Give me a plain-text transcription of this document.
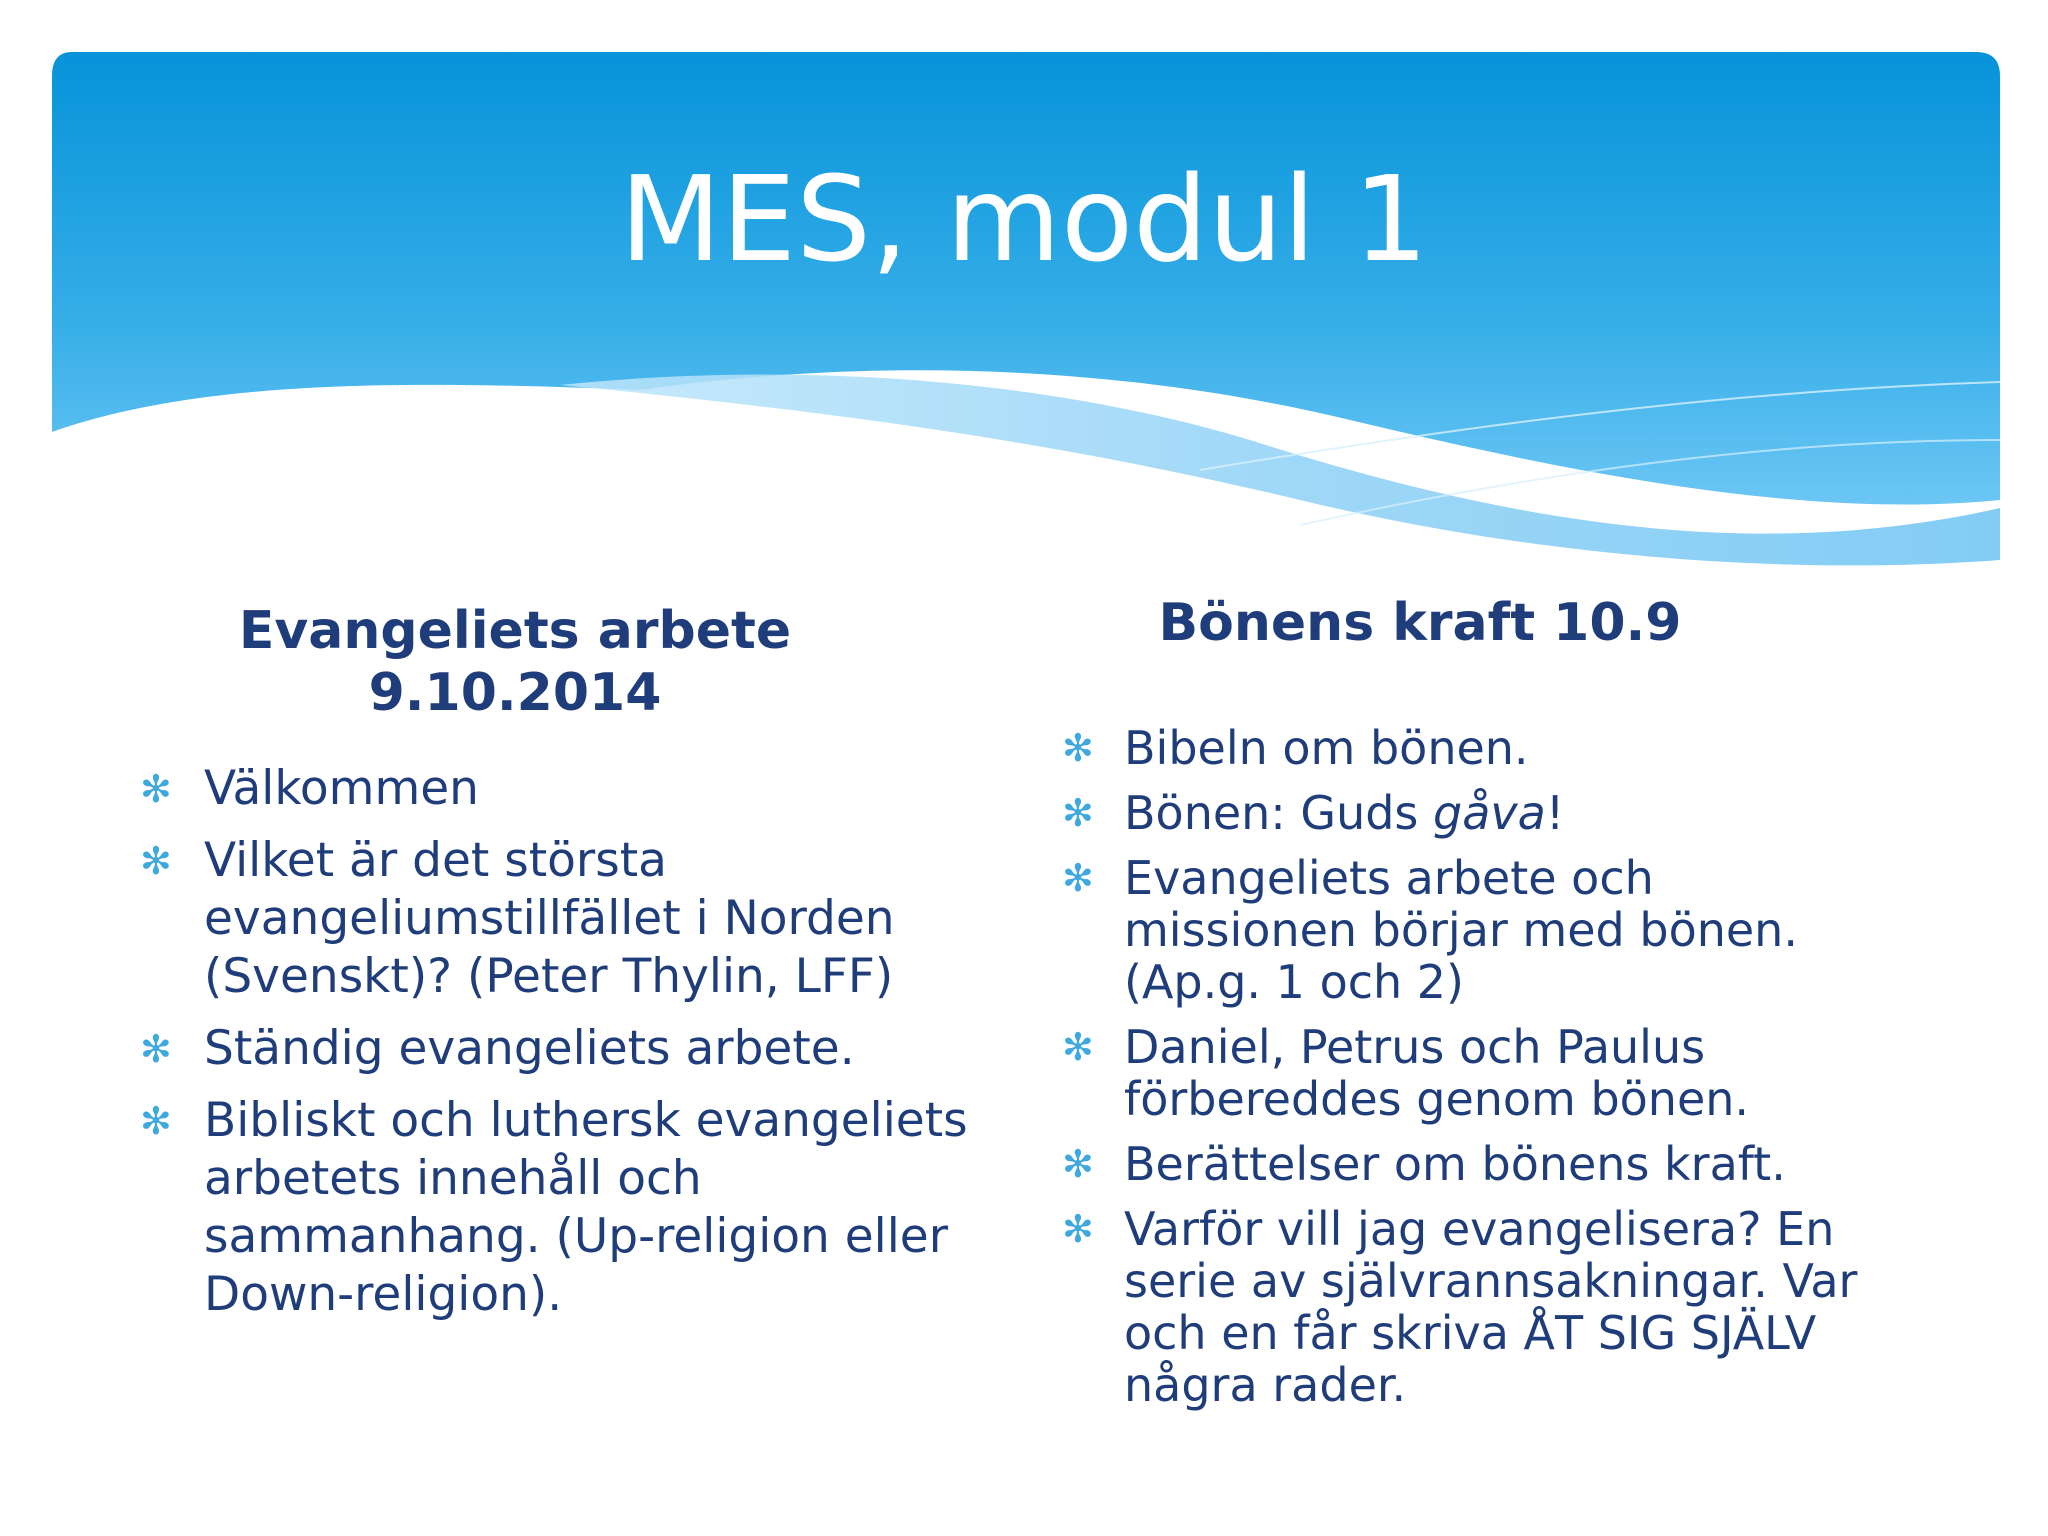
MES, modul 1
Evangeliets arbete
9.10.2014
✻ Välkommen
✻ Vilket är det största evangeliumstillfället i Norden (Svenskt)? (Peter Thylin, LFF)
✻ Ständig evangeliets arbete.
✻ Bibliskt och luthersk evangeliets arbetets innehåll och sammanhang. (Up-religion eller Down-religion).
Bönens kraft 10.9
✻ Bibeln om bönen.
✻ Bönen: Guds gåva!
✻ Evangeliets arbete och missionen börjar med bönen. (Ap.g. 1 och 2)
✻ Daniel, Petrus och Paulus förbereddes genom bönen.
✻ Berättelser om bönens kraft.
✻ Varför vill jag evangelisera? En serie av självrannsakningar. Var och en får skriva ÅT SIG SJÄLV några rader.
